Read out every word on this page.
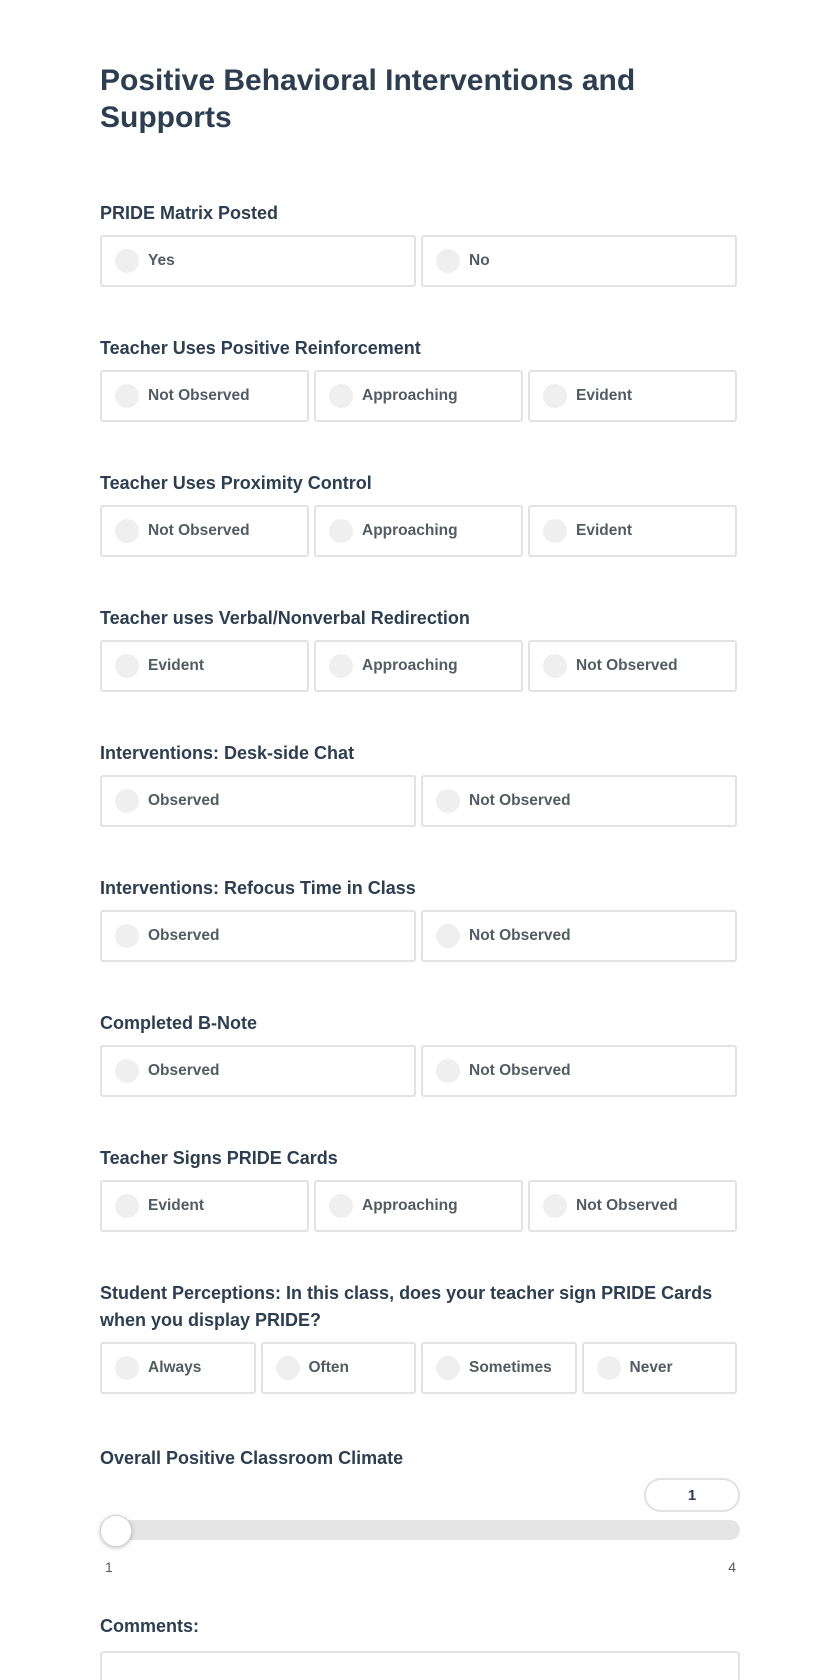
Positive Behavioral Interventions and Supports
PRIDE Matrix Posted
Yes	No
Teacher Uses Positive Reinforcement
Not Observed	Approaching	Evident
Teacher Uses Proximity Control
Not Observed	Approaching	Evident
Teacher uses Verbal/Nonverbal Redirection
Evident	Approaching	Not Observed
Interventions: Desk-side Chat
Observed	Not Observed
Interventions: Refocus Time in Class
Observed	Not Observed
Completed B-Note
Observed	Not Observed
Teacher Signs PRIDE Cards
Evident	Approaching	Not Observed
Student Perceptions: In this class, does your teacher sign PRIDE Cards when you display PRIDE?
Always	Often	Sometimes	Never
Overall Positive Classroom Climate
1
1	4
Comments:
